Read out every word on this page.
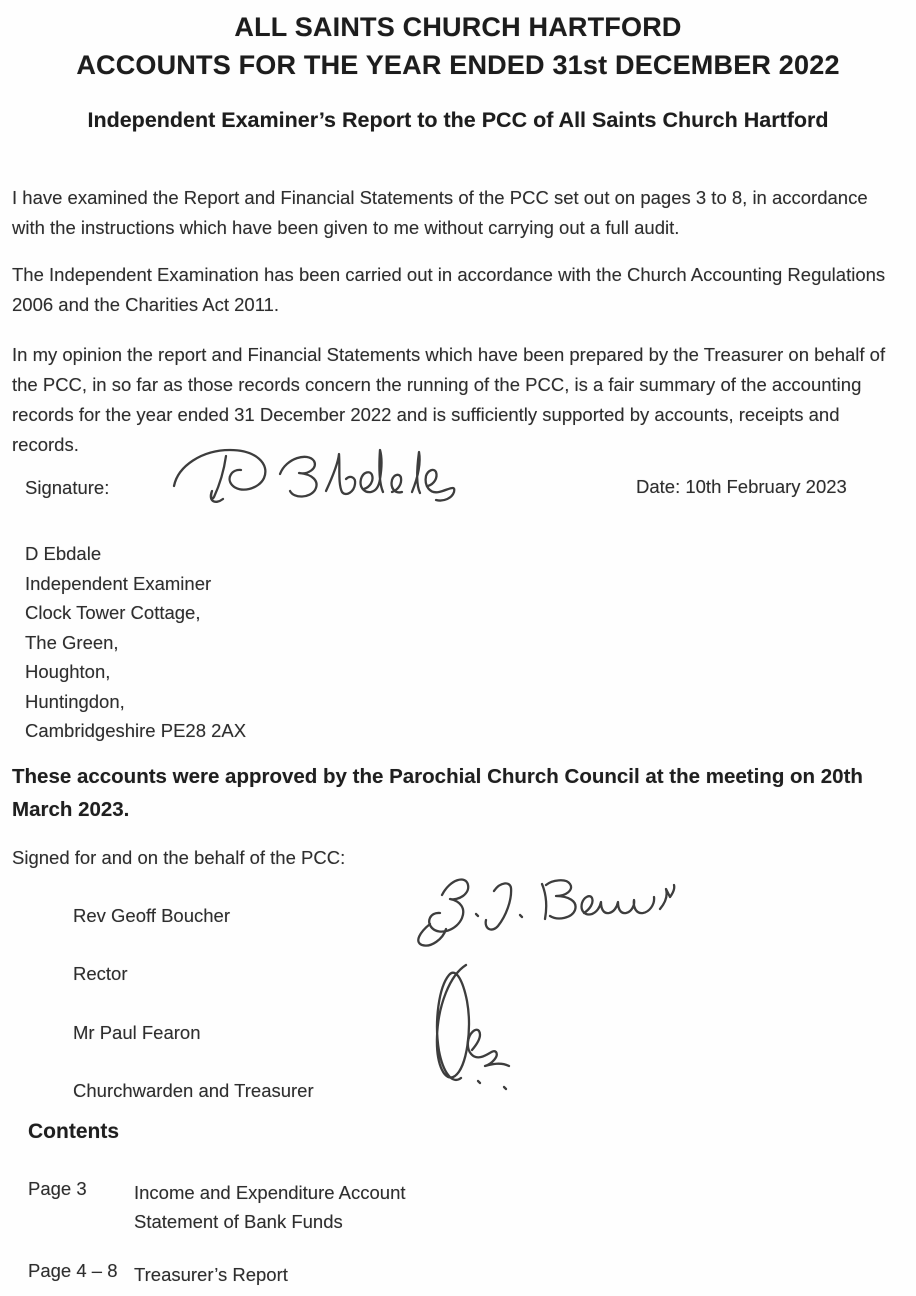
ALL SAINTS CHURCH HARTFORD
ACCOUNTS FOR THE YEAR ENDED 31st DECEMBER 2022
Independent Examiner’s Report to the PCC of All Saints Church Hartford
I have examined the Report and Financial Statements of the PCC set out on pages 3 to 8, in accordance with the instructions which have been given to me without carrying out a full audit.
The Independent Examination has been carried out in accordance with the Church Accounting Regulations 2006 and the Charities Act 2011.
In my opinion the report and Financial Statements which have been prepared by the Treasurer on behalf of the PCC, in so far as those records concern the running of the PCC, is a fair summary of the accounting records for the year ended 31 December 2022 and is sufficiently supported by accounts, receipts and records.
Signature:	Date: 10th February 2023
D Ebdale
Independent Examiner
Clock Tower Cottage,
The Green,
Houghton,
Huntingdon,
Cambridgeshire PE28 2AX
These accounts were approved by the Parochial Church Council at the meeting on 20th March 2023.
Signed for and on the behalf of the PCC:
Rev Geoff Boucher
Rector
Mr Paul Fearon
Churchwarden and Treasurer
Contents
Page 3	Income and Expenditure Account
Statement of Bank Funds
Page 4 – 8 Treasurer’s Report
